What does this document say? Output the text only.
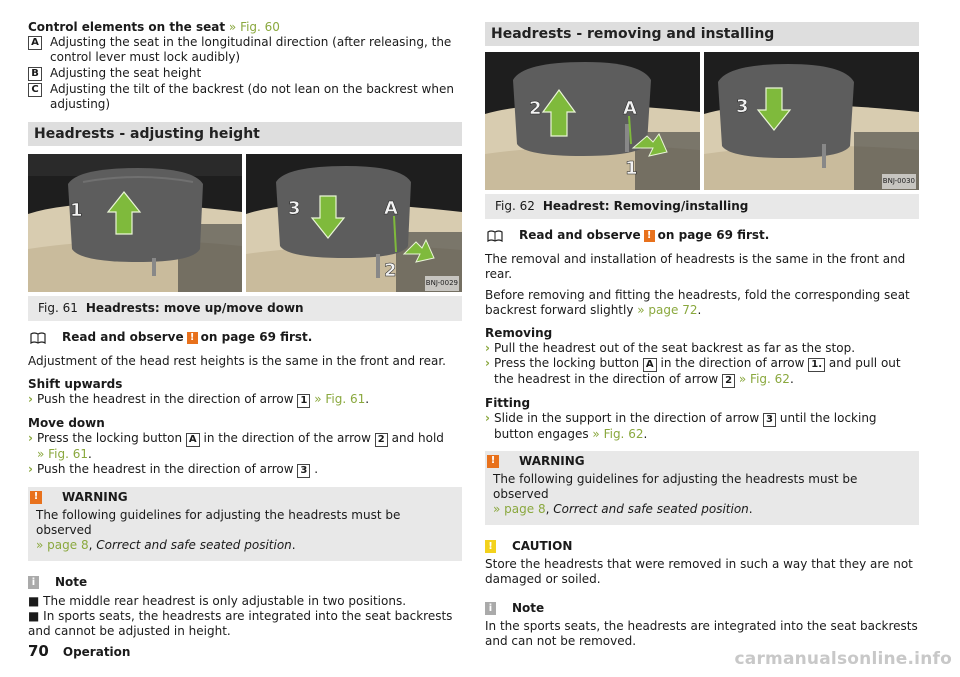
Control elements on the seat » Fig. 60
A Adjusting the seat in the longitudinal direction (after releasing, the control lever must lock audibly)
B Adjusting the seat height
C Adjusting the tilt of the backrest (do not lean on the backrest when adjusting)
Headrests - adjusting height
1	3	A
2
BNJ-0029
Fig. 61 Headrests: move up/move down
Read and observe ! on page 69 first.

Adjustment of the head rest heights is the same in the front and rear.

Shift upwards
› Push the headrest in the direction of arrow 1 » Fig. 61.
Move down
› Press the locking button A in the direction of the arrow 2 and hold
» Fig. 61.
› Push the headrest in the direction of arrow 3 .
!	WARNING
The following guidelines for adjusting the headrests must be observed
» page 8, Correct and safe seated position.
i	Note
■ The middle rear headrest is only adjustable in two positions.
■ In sports seats, the headrests are integrated into the seat backrests and cannot be adjusted in height.
Headrests - removing and installing
2	A
1
3
BNJ-0030
Fig. 62 Headrest: Removing/installing
Read and observe ! on page 69 first.

The removal and installation of headrests is the same in the front and rear.

Before removing and fitting the headrests, fold the corresponding seat backrest forward slightly » page 72.

Removing
› Pull the headrest out of the seat backrest as far as the stop.
› Press the locking button A in the direction of arrow 1. and pull out the headrest in the direction of arrow 2 » Fig. 62.
Fitting
› Slide in the support in the direction of arrow 3 until the locking button engages » Fig. 62.
!	WARNING
The following guidelines for adjusting the headrests must be observed
» page 8, Correct and safe seated position.
! CAUTION
Store the headrests that were removed in such a way that they are not damaged or soiled.
i	Note
In the sports seats, the headrests are integrated into the seat backrests and can not be removed.
70 Operation	carmanualsonline.info
